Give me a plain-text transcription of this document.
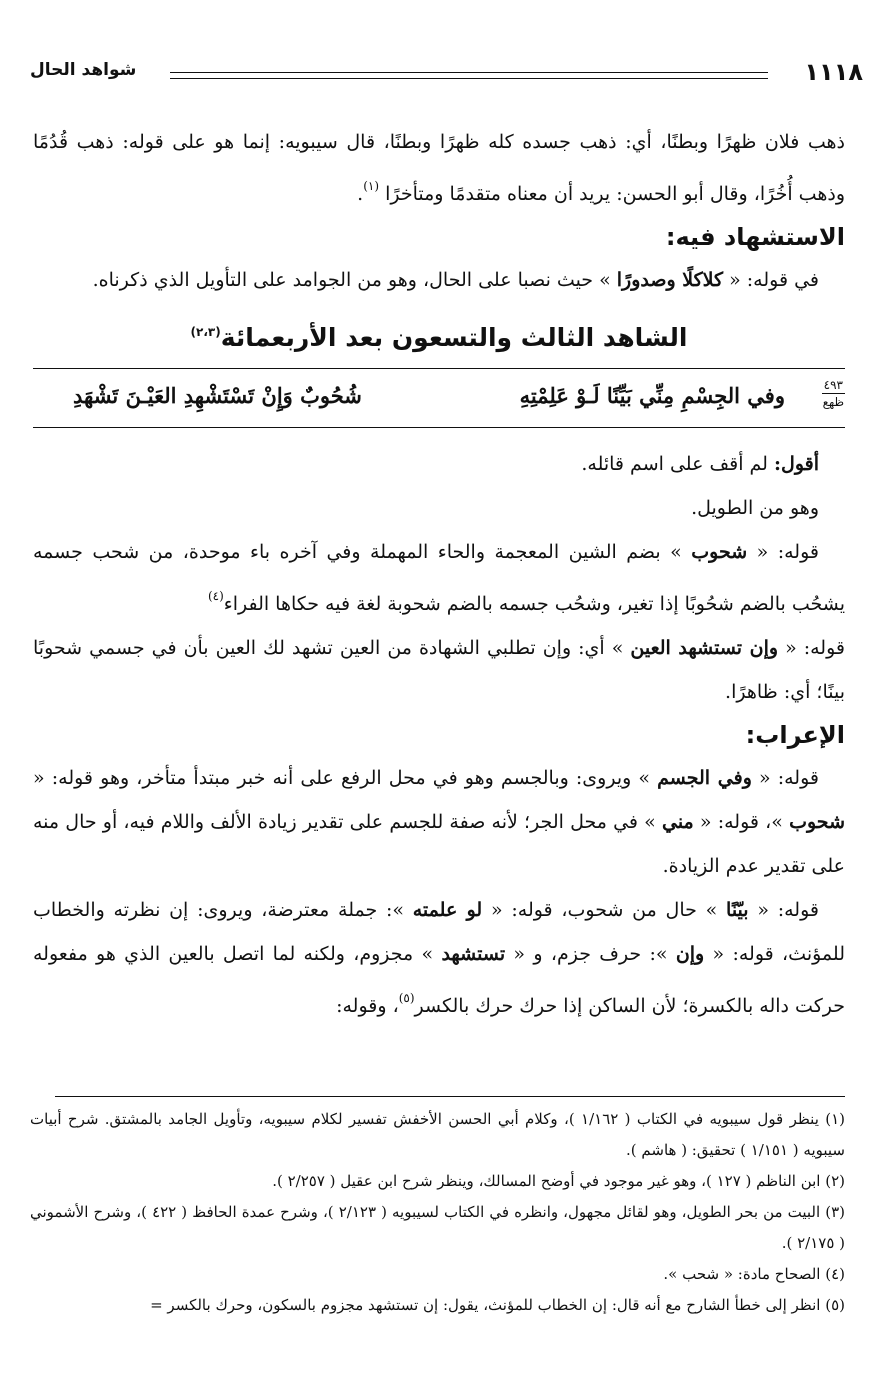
١١١٨
شواهد الحال

ذهب فلان ظهرًا وبطنًا، أي: ذهب جسده كله ظهرًا وبطنًا، قال سيبويه: إنما هو على قوله: ذهب قُدُمًا وذهب أُخُرًا، وقال أبو الحسن: يريد أن معناه متقدمًا ومتأخرًا $^{(١)}$.

الاستشهاد فيه:

في قوله: « كلاكلًا وصدورًا » حيث نصبا على الحال، وهو من الجوامد على التأويل الذي ذكرناه.

الشاهد الثالث والتسعون بعد الأربعمائة$^{(٢،٣)}$
٤٩٣
ظهع
وفي الجِسْمِ مِنِّي بَيِّنًا لَـوْ عَلِمْتِهِ
شُحُوبٌ وَإِنْ تَسْتَشْهِدِ العَيْـنَ تَشْهَدِ

أقول: لم أقف على اسم قائله.

وهو من الطويل.

قوله: « شحوب » بضم الشين المعجمة والحاء المهملة وفي آخره باء موحدة، من شحب جسمه يشحُب بالضم شحُوبًا إذا تغير، وشحُب جسمه بالضم شحوبة لغة فيه حكاها الفراء$^{(٤)}$

قوله: « وإن تستشهد العين » أي: وإن تطلبي الشهادة من العين تشهد لك العين بأن في جسمي شحوبًا بينًا؛ أي: ظاهرًا.

الإعراب:

قوله: « وفي الجسم » ويروى: وبالجسم وهو في محل الرفع على أنه خبر مبتدأ متأخر، وهو قوله: « شحوب »، قوله: « مني » في محل الجر؛ لأنه صفة للجسم على تقدير زيادة الألف واللام فيه، أو حال منه على تقدير عدم الزيادة.

قوله: « بيّنًا » حال من شحوب، قوله: « لو علمته »: جملة معترضة، ويروى: إن نظرته والخطاب للمؤنث، قوله: « وإن »: حرف جزم، و « تستشهد » مجزوم، ولكنه لما اتصل بالعين الذي هو مفعوله حركت داله بالكسرة؛ لأن الساكن إذا حرك حرك بالكسر$^{(٥)}$، وقوله:

(١) ينظر قول سيبويه في الكتاب ( ١/١٦٢ )، وكلام أبي الحسن الأخفش تفسير لكلام سيبويه، وتأويل الجامد بالمشتق. شرح أبيات سيبويه ( ١/١٥١ ) تحقيق: ( هاشم ).

(٢) ابن الناظم ( ١٢٧ )، وهو غير موجود في أوضح المسالك، وينظر شرح ابن عقيل ( ٢/٢٥٧ ).

(٣) البيت من بحر الطويل، وهو لقائل مجهول، وانظره في الكتاب لسيبويه ( ٢/١٢٣ )، وشرح عمدة الحافظ ( ٤٢٢ )، وشرح الأشموني ( ٢/١٧٥ ).

(٤) الصحاح مادة: « شحب ».

(٥) انظر إلى خطأ الشارح مع أنه قال: إن الخطاب للمؤنث، يقول: إن تستشهد مجزوم بالسكون، وحرك بالكسر =
